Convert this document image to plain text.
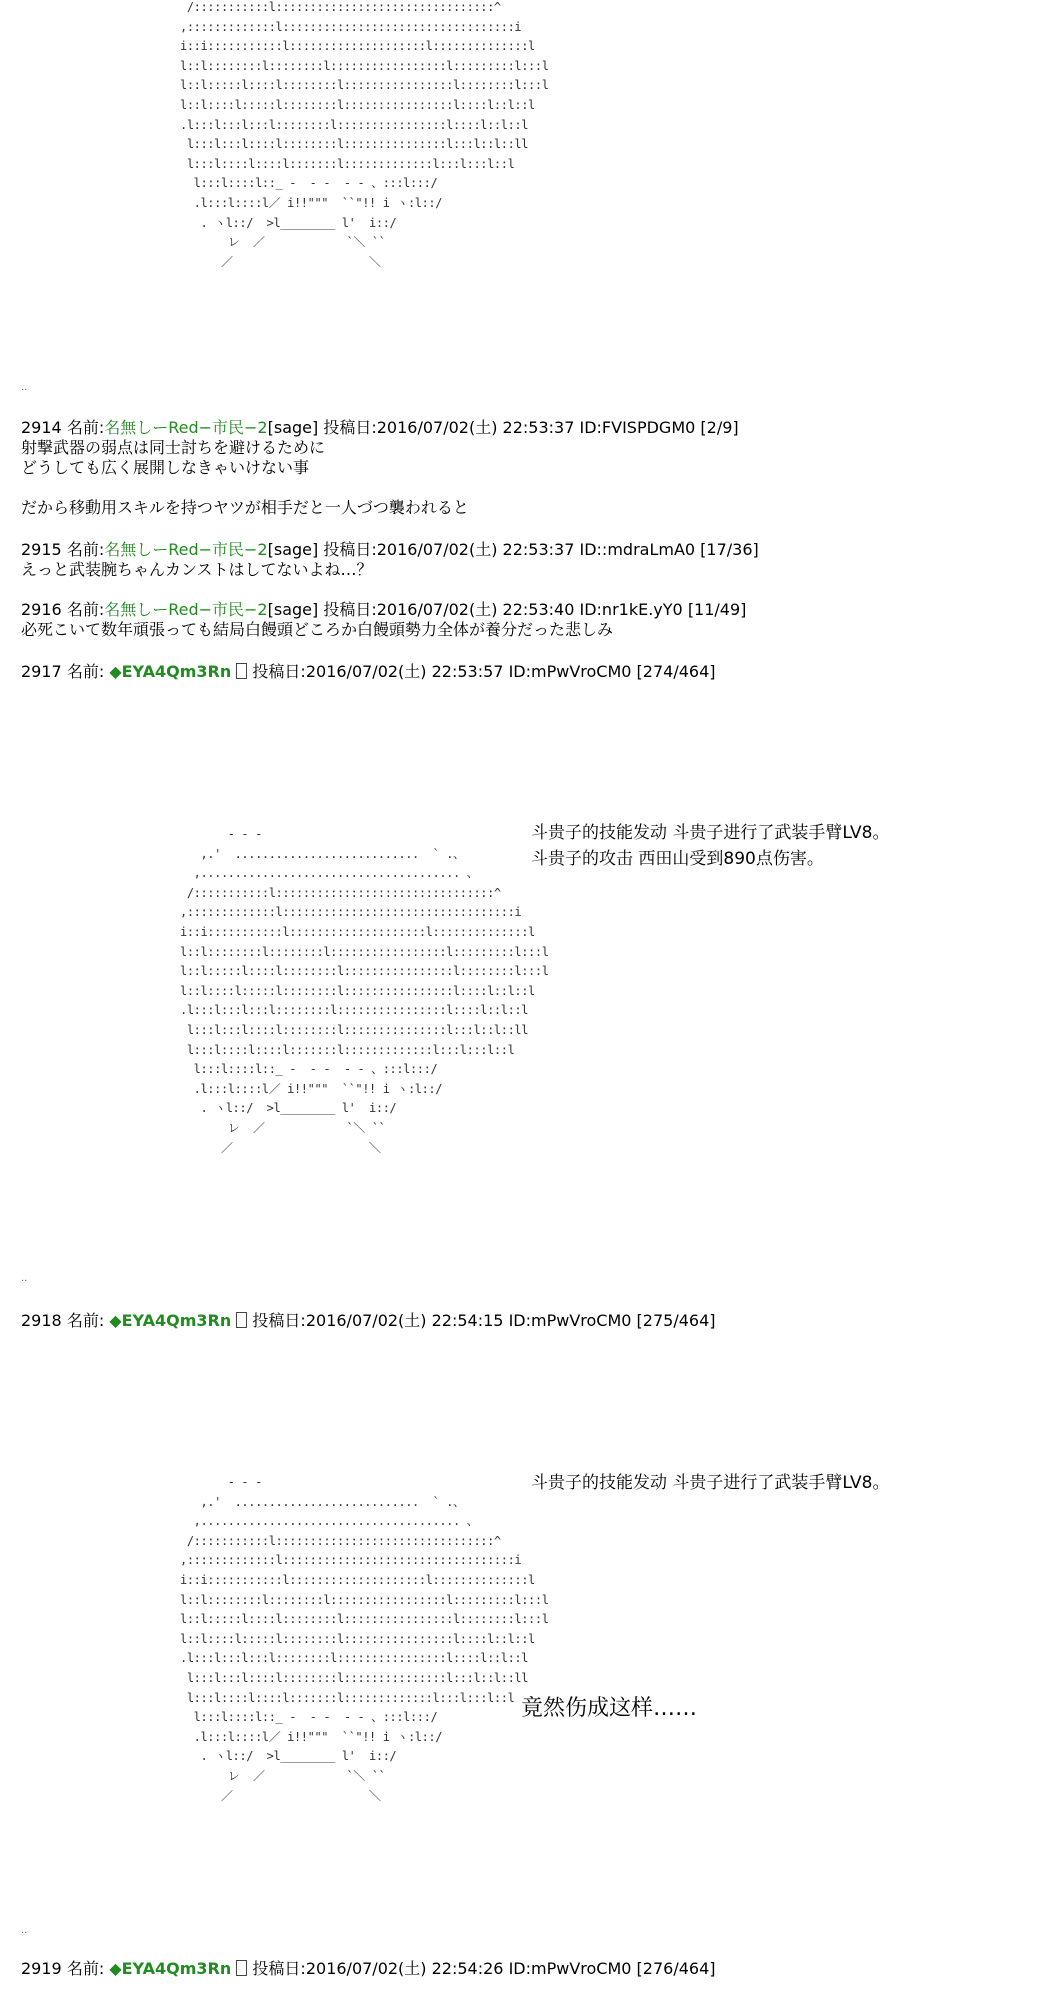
/:::::::::::l::::::::::::::::::::::::::::::::^
,:::::::::::::l::::::::::::::::::::::::::::::::::i
i::i:::::::::::l::::::::::::::::::::l::::::::::::::l
l::l::::::::l::::::::l:::::::::::::::::l:::::::::l:::l
l::l:::::l::::l::::::::l::::::::::::::::l::::::::l:::l
l::l::::l:::::l::::::::l::::::::::::::::l::::l::l::l
.l:::l:::l:::l::::::::l::::::::::::::::l::::l::l::l
l:::l:::l::::l::::::::l:::::::::::::::l:::l::l::ll
l:::l::::l::::l:::::::l:::::::::::::l:::l:::l::l
l:::l::::l::_ -  ‐ ‐  ‐ ‐ 、:::l:::/
.l:::l::::l／ i!!"""  ``"!! i ヽ:l::/
. ヽl::/  >l________ l'  i::/
レ  ／            `＼ ``
／                    ＼
..
2914 名前:名無しーRed−市民−2[sage] 投稿日:2016/07/02(土) 22:53:37 ID:FVISPDGM0 [2/9]
射撃武器の弱点は同士討ちを避けるために
どうしても広く展開しなきゃいけない事
だから移動用スキルを持つヤツが相手だと一人づつ襲われると
2915 名前:名無しーRed−市民−2[sage] 投稿日:2016/07/02(土) 22:53:37 ID::mdraLmA0 [17/36]
えっと武装腕ちゃんカンストはしてないよね…？
2916 名前:名無しーRed−市民−2[sage] 投稿日:2016/07/02(土) 22:53:40 ID:nr1kE.yY0 [11/49]
必死こいて数年頑張っても結局白饅頭どころか白饅頭勢力全体が養分だった悲しみ
2917 名前: ◆EYA4Qm3Rn 投稿日:2016/07/02(土) 22:53:57 ID:mPwVroCM0 [274/464]
- - -
,.'  ...........................  ` .、
,...................................... 、
/:::::::::::l::::::::::::::::::::::::::::::::^
,:::::::::::::l::::::::::::::::::::::::::::::::::i
i::i:::::::::::l::::::::::::::::::::l::::::::::::::l
l::l::::::::l::::::::l:::::::::::::::::l:::::::::l:::l
l::l:::::l::::l::::::::l::::::::::::::::l::::::::l:::l
l::l::::l:::::l::::::::l::::::::::::::::l::::l::l::l
.l:::l:::l:::l::::::::l::::::::::::::::l::::l::l::l
l:::l:::l::::l::::::::l:::::::::::::::l:::l::l::ll
l:::l::::l::::l:::::::l:::::::::::::l:::l:::l::l
l:::l::::l::_ -  ‐ ‐  ‐ ‐ 、:::l:::/
.l:::l::::l／ i!!"""  ``"!! i ヽ:l::/
. ヽl::/  >l________ l'  i::/
レ  ／            `＼ ``
／                    ＼
斗贵子的技能发动 斗贵子进行了武装手臂LV8。
斗贵子的攻击 西田山受到890点伤害。
..
2918 名前: ◆EYA4Qm3Rn 投稿日:2016/07/02(土) 22:54:15 ID:mPwVroCM0 [275/464]
- - -
,.'  ...........................  ` .、
,...................................... 、
/:::::::::::l::::::::::::::::::::::::::::::::^
,:::::::::::::l::::::::::::::::::::::::::::::::::i
i::i:::::::::::l::::::::::::::::::::l::::::::::::::l
l::l::::::::l::::::::l:::::::::::::::::l:::::::::l:::l
l::l:::::l::::l::::::::l::::::::::::::::l::::::::l:::l
l::l::::l:::::l::::::::l::::::::::::::::l::::l::l::l
.l:::l:::l:::l::::::::l::::::::::::::::l::::l::l::l
l:::l:::l::::l::::::::l:::::::::::::::l:::l::l::ll
l:::l::::l::::l:::::::l:::::::::::::l:::l:::l::l
l:::l::::l::_ -  ‐ ‐  ‐ ‐ 、:::l:::/
.l:::l::::l／ i!!"""  ``"!! i ヽ:l::/
. ヽl::/  >l________ l'  i::/
レ  ／            `＼ ``
／                    ＼
斗贵子的技能发动 斗贵子进行了武装手臂LV8。
竟然伤成这样……
..
2919 名前: ◆EYA4Qm3Rn 投稿日:2016/07/02(土) 22:54:26 ID:mPwVroCM0 [276/464]
